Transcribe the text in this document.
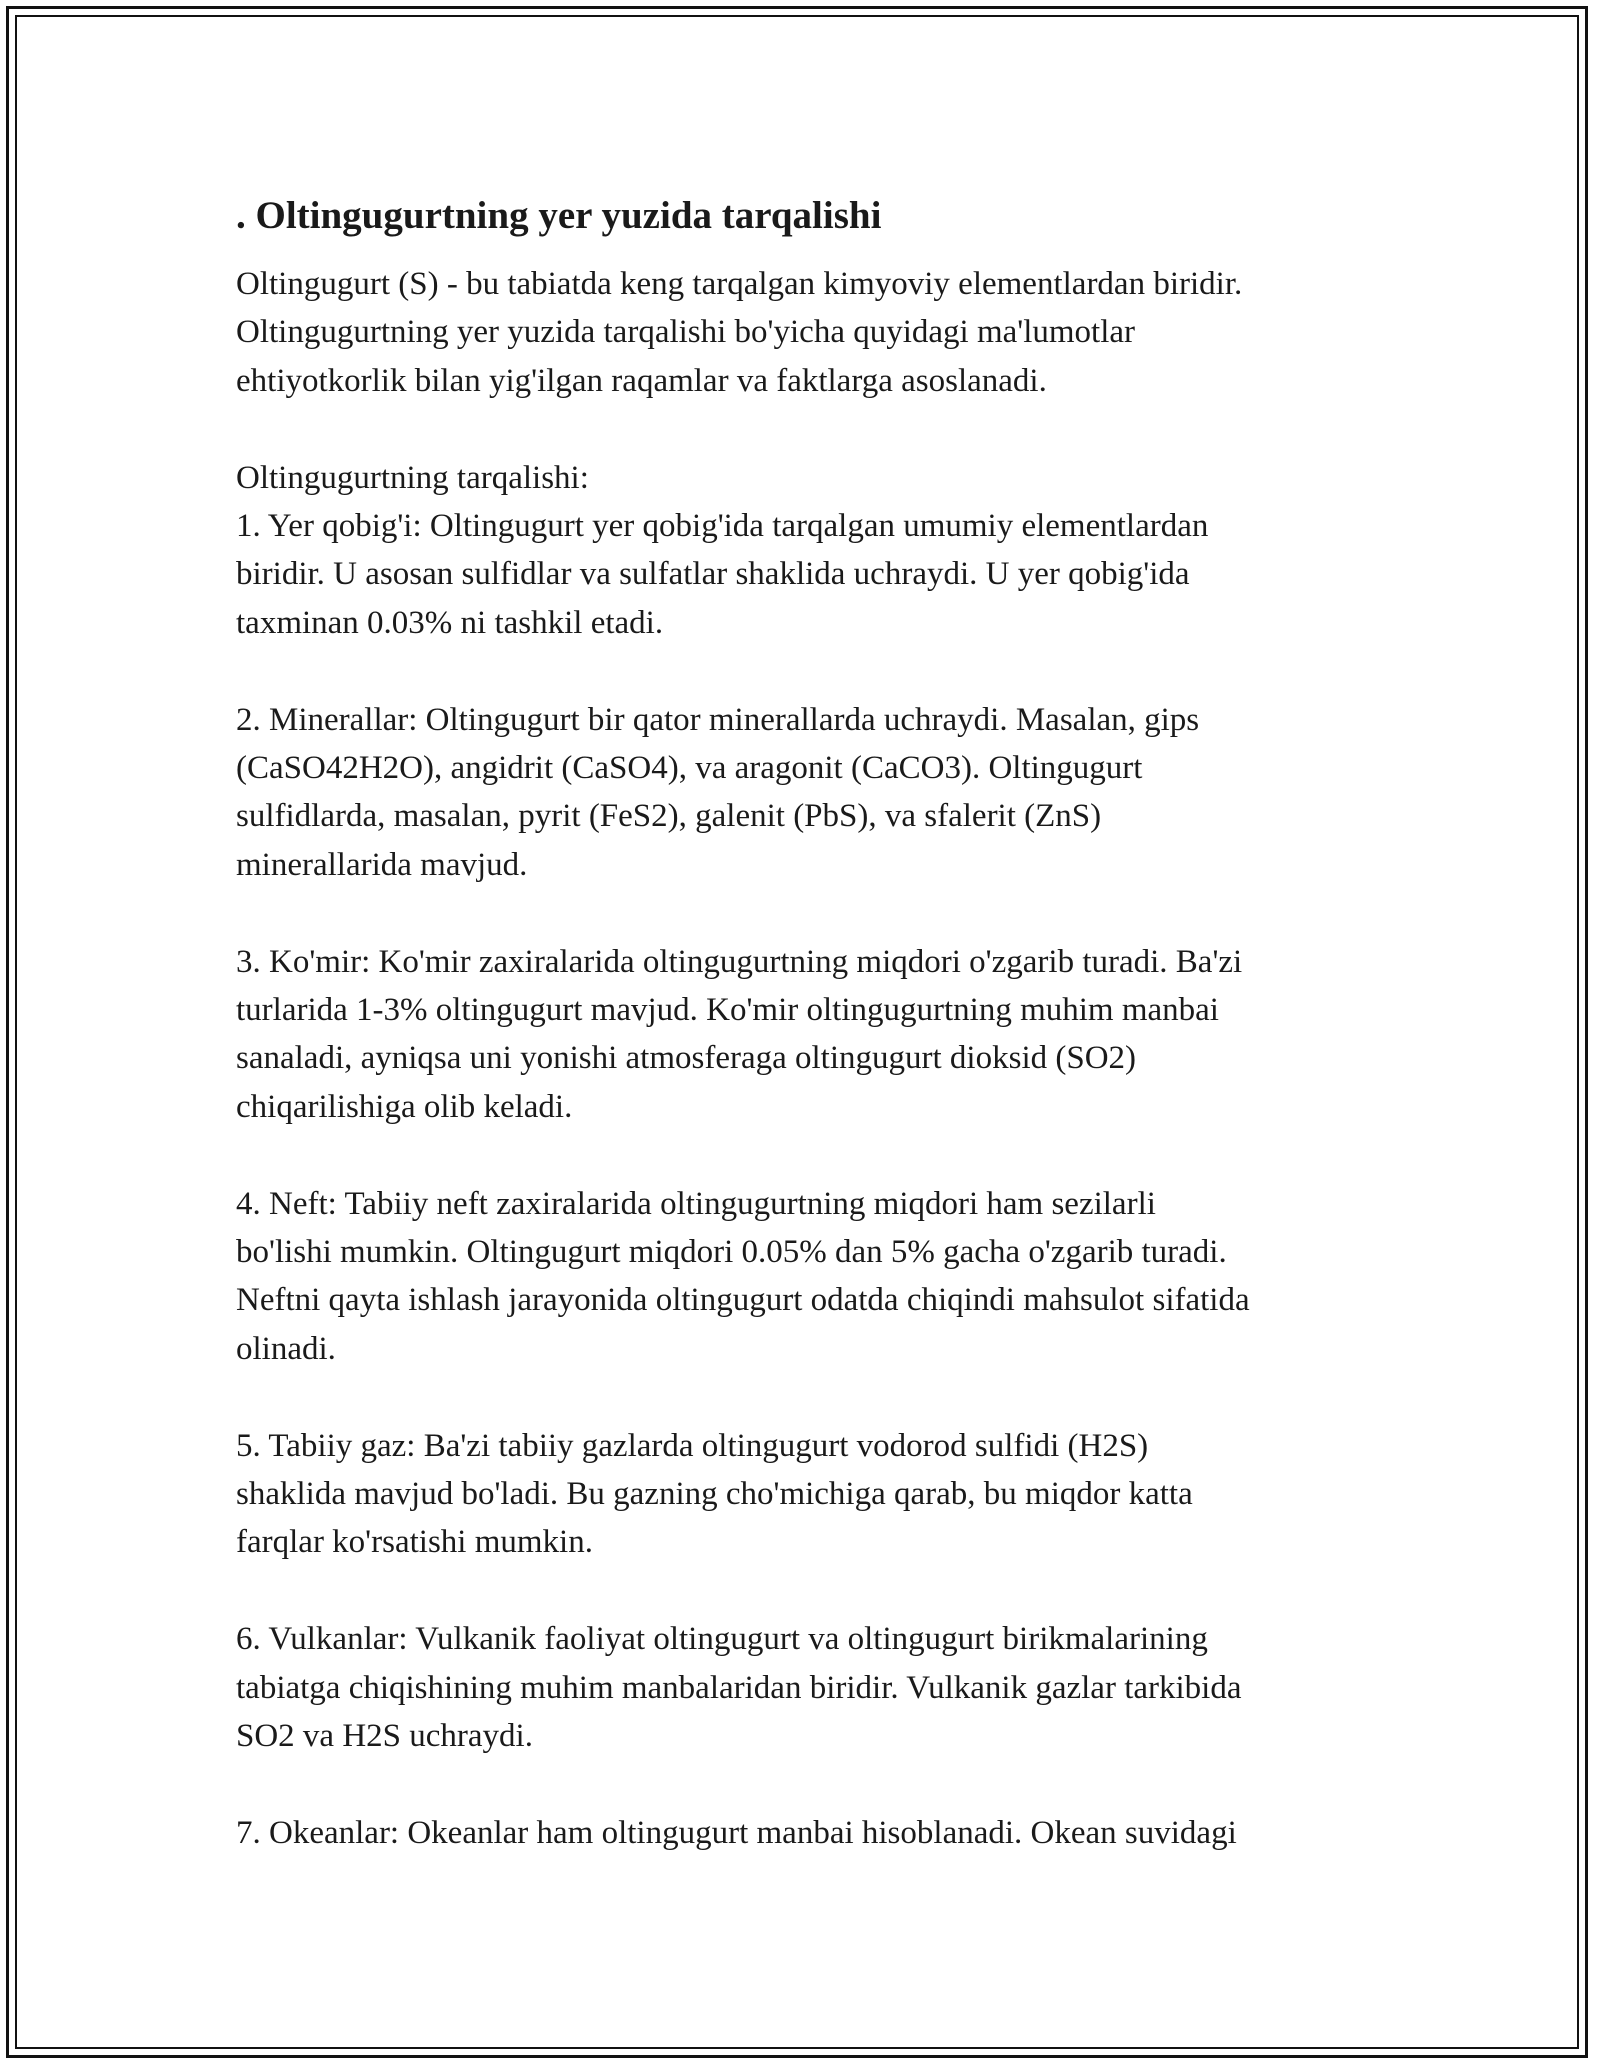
. Oltingugurtning yer yuzida tarqalishi

Oltingugurt (S) - bu tabiatda keng tarqalgan kimyoviy elementlardan biridir.
Oltingugurtning yer yuzida tarqalishi bo'yicha quyidagi ma'lumotlar
ehtiyotkorlik bilan yig'ilgan raqamlar va faktlarga asoslanadi.

Oltingugurtning tarqalishi:
1. Yer qobig'i: Oltingugurt yer qobig'ida tarqalgan umumiy elementlardan
biridir. U asosan sulfidlar va sulfatlar shaklida uchraydi. U yer qobig'ida
taxminan 0.03% ni tashkil etadi.

2. Minerallar: Oltingugurt bir qator minerallarda uchraydi. Masalan, gips
(CaSO42H2O), angidrit (CaSO4), va aragonit (CaCO3). Oltingugurt
sulfidlarda, masalan, pyrit (FeS2), galenit (PbS), va sfalerit (ZnS)
minerallarida mavjud.

3. Ko'mir: Ko'mir zaxiralarida oltingugurtning miqdori o'zgarib turadi. Ba'zi
turlarida 1-3% oltingugurt mavjud. Ko'mir oltingugurtning muhim manbai
sanaladi, ayniqsa uni yonishi atmosferaga oltingugurt dioksid (SO2)
chiqarilishiga olib keladi.

4. Neft: Tabiiy neft zaxiralarida oltingugurtning miqdori ham sezilarli
bo'lishi mumkin. Oltingugurt miqdori 0.05% dan 5% gacha o'zgarib turadi.
Neftni qayta ishlash jarayonida oltingugurt odatda chiqindi mahsulot sifatida
olinadi.

5. Tabiiy gaz: Ba'zi tabiiy gazlarda oltingugurt vodorod sulfidi (H2S)
shaklida mavjud bo'ladi. Bu gazning cho'michiga qarab, bu miqdor katta
farqlar ko'rsatishi mumkin.

6. Vulkanlar: Vulkanik faoliyat oltingugurt va oltingugurt birikmalarining
tabiatga chiqishining muhim manbalaridan biridir. Vulkanik gazlar tarkibida
SO2 va H2S uchraydi.

7. Okeanlar: Okeanlar ham oltingugurt manbai hisoblanadi. Okean suvidagi
